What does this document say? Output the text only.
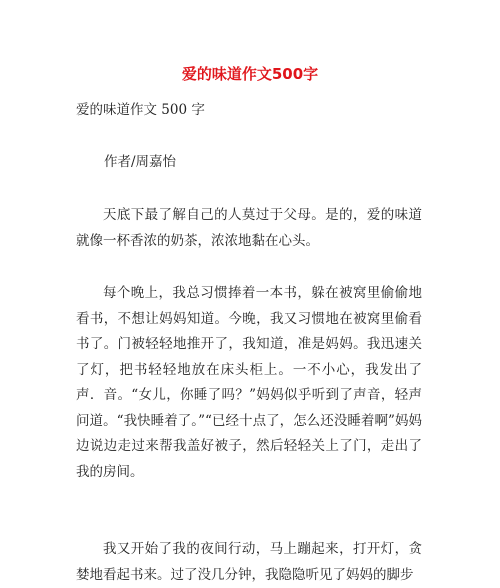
爱的味道作文500字
爱的味道作文 500 字
作者/周嘉怡

天底下最了解自己的人莫过于父母。是的，爱的味道就像一杯香浓的奶茶，浓浓地黏在心头。

每个晚上，我总习惯捧着一本书，躲在被窝里偷偷地看书，不想让妈妈知道。今晚，我又习惯地在被窝里偷看书了。门被轻轻地推开了，我知道，准是妈妈。我迅速关了灯，把书轻轻地放在床头柜上。一不小心，我发出了声．音。“女儿，你睡了吗？”妈妈似乎听到了声音，轻声问道。“我快睡着了。”“已经十点了，怎么还没睡着啊”妈妈边说边走过来帮我盖好被子，然后轻轻关上了门，走出了我的房间。

我又开始了我的夜间行动，马上蹦起来，打开灯，贪婪地看起书来。过了没几分钟，我隐隐听见了妈妈的脚步
